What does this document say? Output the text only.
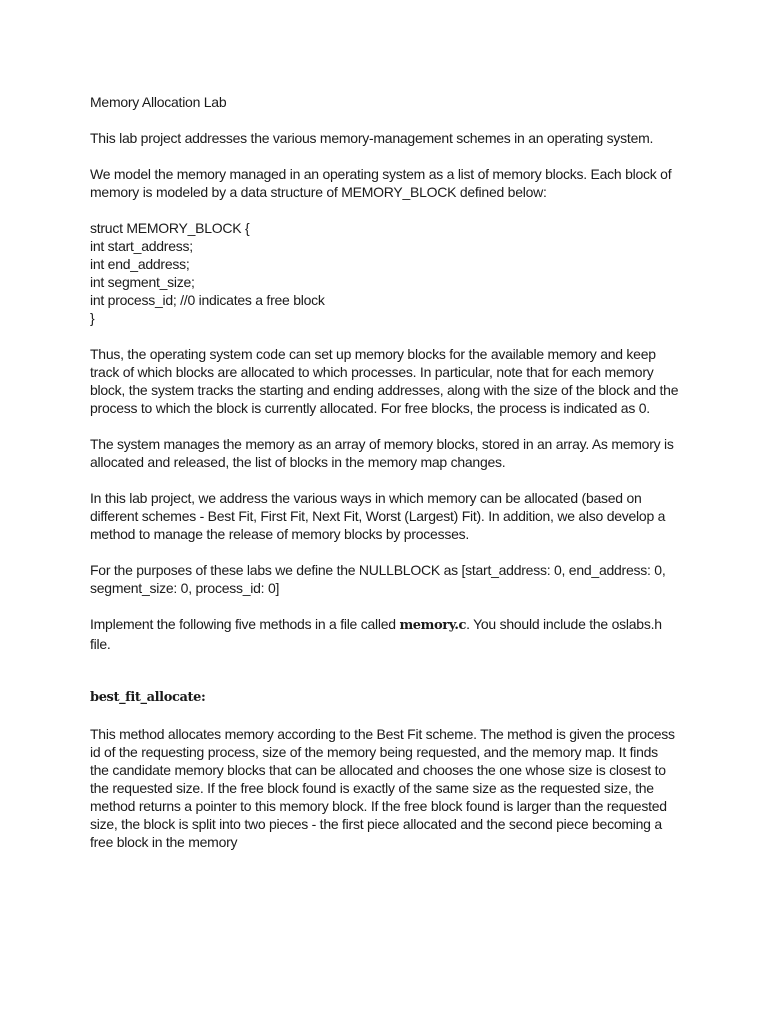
Memory Allocation Lab

This lab project addresses the various memory-management schemes in an operating system.

We model the memory managed in an operating system as a list of memory blocks. Each block of memory is modeled by a data structure of MEMORY_BLOCK defined below:

struct MEMORY_BLOCK {
int start_address;
int end_address;
int segment_size;
int process_id; //0 indicates a free block
}

Thus, the operating system code can set up memory blocks for the available memory and keep track of which blocks are allocated to which processes. In particular, note that for each memory block, the system tracks the starting and ending addresses, along with the size of the block and the process to which the block is currently allocated. For free blocks, the process is indicated as 0.

The system manages the memory as an array of memory blocks, stored in an array. As memory is allocated and released, the list of blocks in the memory map changes.

In this lab project, we address the various ways in which memory can be allocated (based on different schemes - Best Fit, First Fit, Next Fit, Worst (Largest) Fit). In addition, we also develop a method to manage the release of memory blocks by processes.

For the purposes of these labs we define the NULLBLOCK as [start_address: 0, end_address: 0, segment_size: 0, process_id: 0]

Implement the following five methods in a file called memory.c. You should include the oslabs.h file.

best_fit_allocate:

This method allocates memory according to the Best Fit scheme. The method is given the process id of the requesting process, size of the memory being requested, and the memory map. It finds the candidate memory blocks that can be allocated and chooses the one whose size is closest to the requested size. If the free block found is exactly of the same size as the requested size, the method returns a pointer to this memory block. If the free block found is larger than the requested size, the block is split into two pieces - the first piece allocated and the second piece becoming a free block in the memory
